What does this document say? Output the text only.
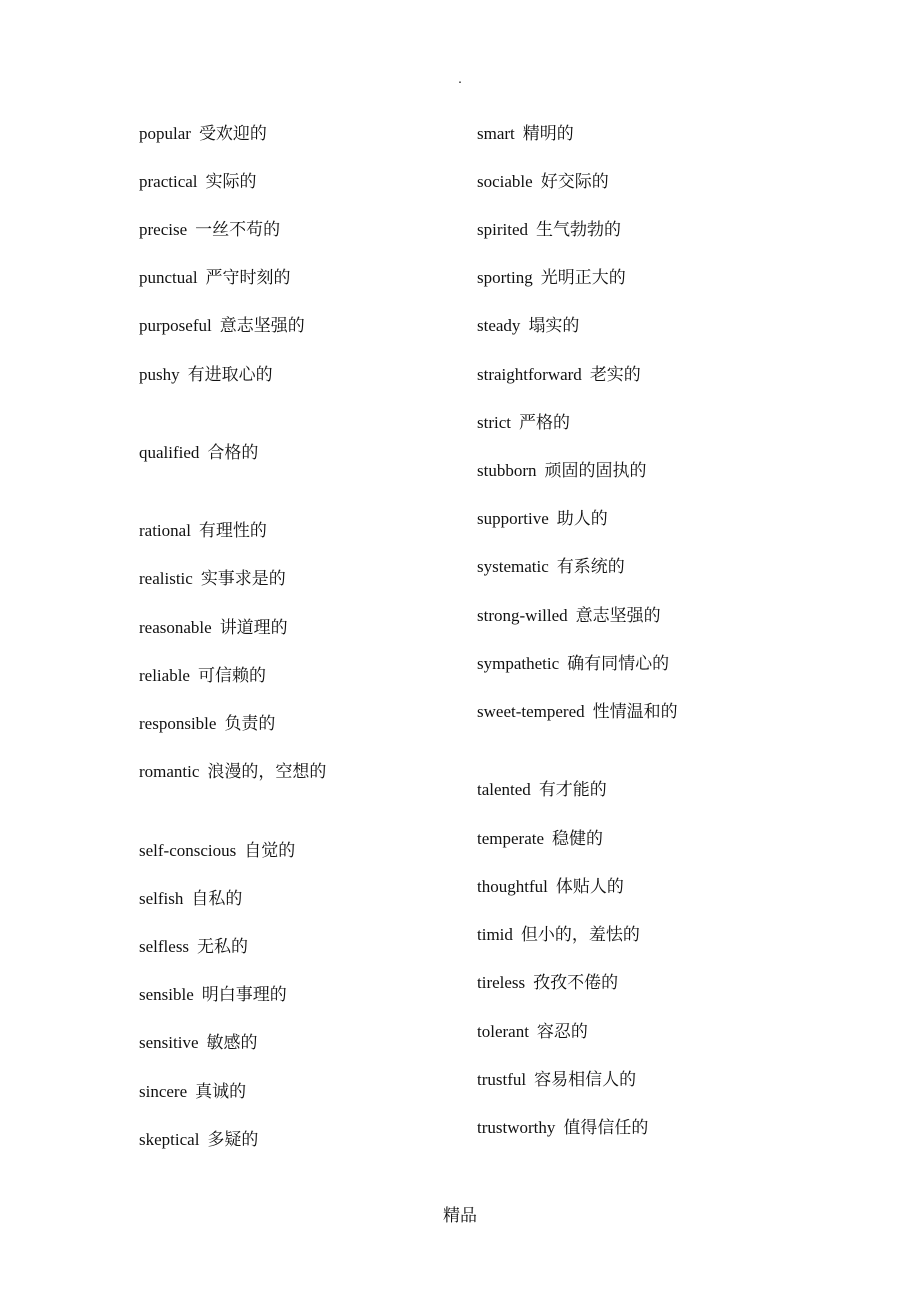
.
popular 受欢迎的
practical 实际的
precise 一丝不苟的
punctual 严守时刻的
purposeful 意志坚强的
pushy 有进取心的
qualified 合格的
rational 有理性的
realistic 实事求是的
reasonable 讲道理的
reliable 可信赖的
responsible 负责的
romantic 浪漫的，空想的
self-conscious 自觉的
selfish 自私的
selfless 无私的
sensible 明白事理的
sensitive 敏感的
sincere 真诚的
skeptical 多疑的
smart 精明的
sociable 好交际的
spirited 生气勃勃的
sporting 光明正大的
steady 塌实的
straightforward 老实的
strict 严格的
stubborn 顽固的固执的
supportive 助人的
systematic 有系统的
strong-willed 意志坚强的
sympathetic 确有同情心的
sweet-tempered 性情温和的
talented 有才能的
temperate 稳健的
thoughtful 体贴人的
timid 但小的，羞怯的
tireless 孜孜不倦的
tolerant 容忍的
trustful 容易相信人的
trustworthy 值得信任的
精品
